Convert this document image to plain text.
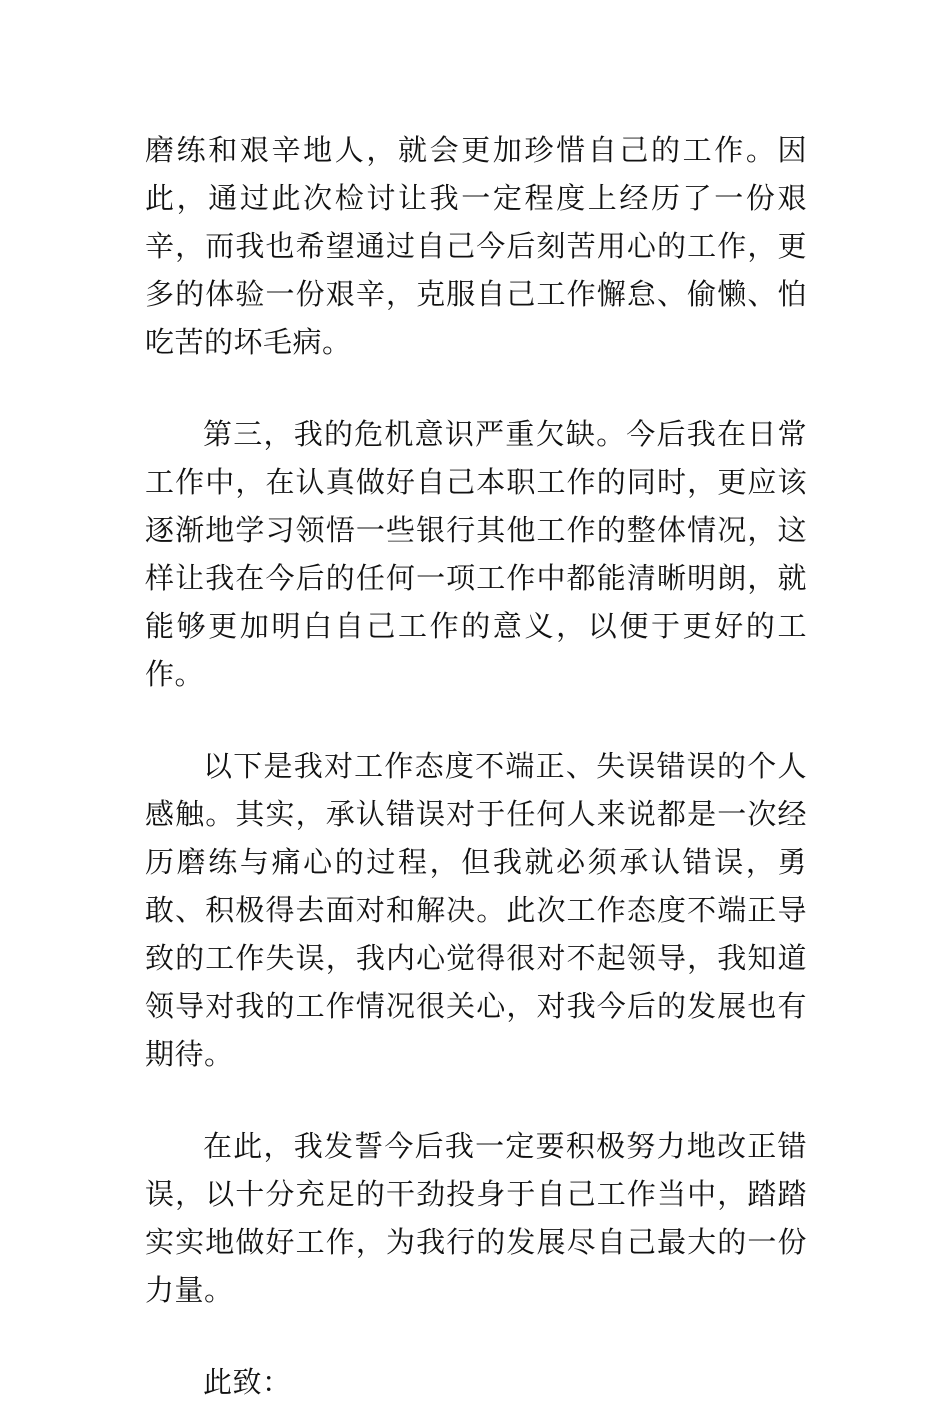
磨练和艰辛地人，就会更加珍惜自己的工作。因此，通过此次检讨让我一定程度上经历了一份艰辛，而我也希望通过自己今后刻苦用心的工作，更多的体验一份艰辛，克服自己工作懈怠、偷懒、怕吃苦的坏毛病。

第三，我的危机意识严重欠缺。今后我在日常工作中，在认真做好自己本职工作的同时，更应该逐渐地学习领悟一些银行其他工作的整体情况，这样让我在今后的任何一项工作中都能清晰明朗，就能够更加明白自己工作的意义，以便于更好的工作。

以下是我对工作态度不端正、失误错误的个人感触。其实，承认错误对于任何人来说都是一次经历磨练与痛心的过程，但我就必须承认错误，勇敢、积极得去面对和解决。此次工作态度不端正导致的工作失误，我内心觉得很对不起领导，我知道领导对我的工作情况很关心，对我今后的发展也有期待。

在此，我发誓今后我一定要积极努力地改正错误，以十分充足的干劲投身于自己工作当中，踏踏实实地做好工作，为我行的发展尽自己最大的一份力量。

此致：
